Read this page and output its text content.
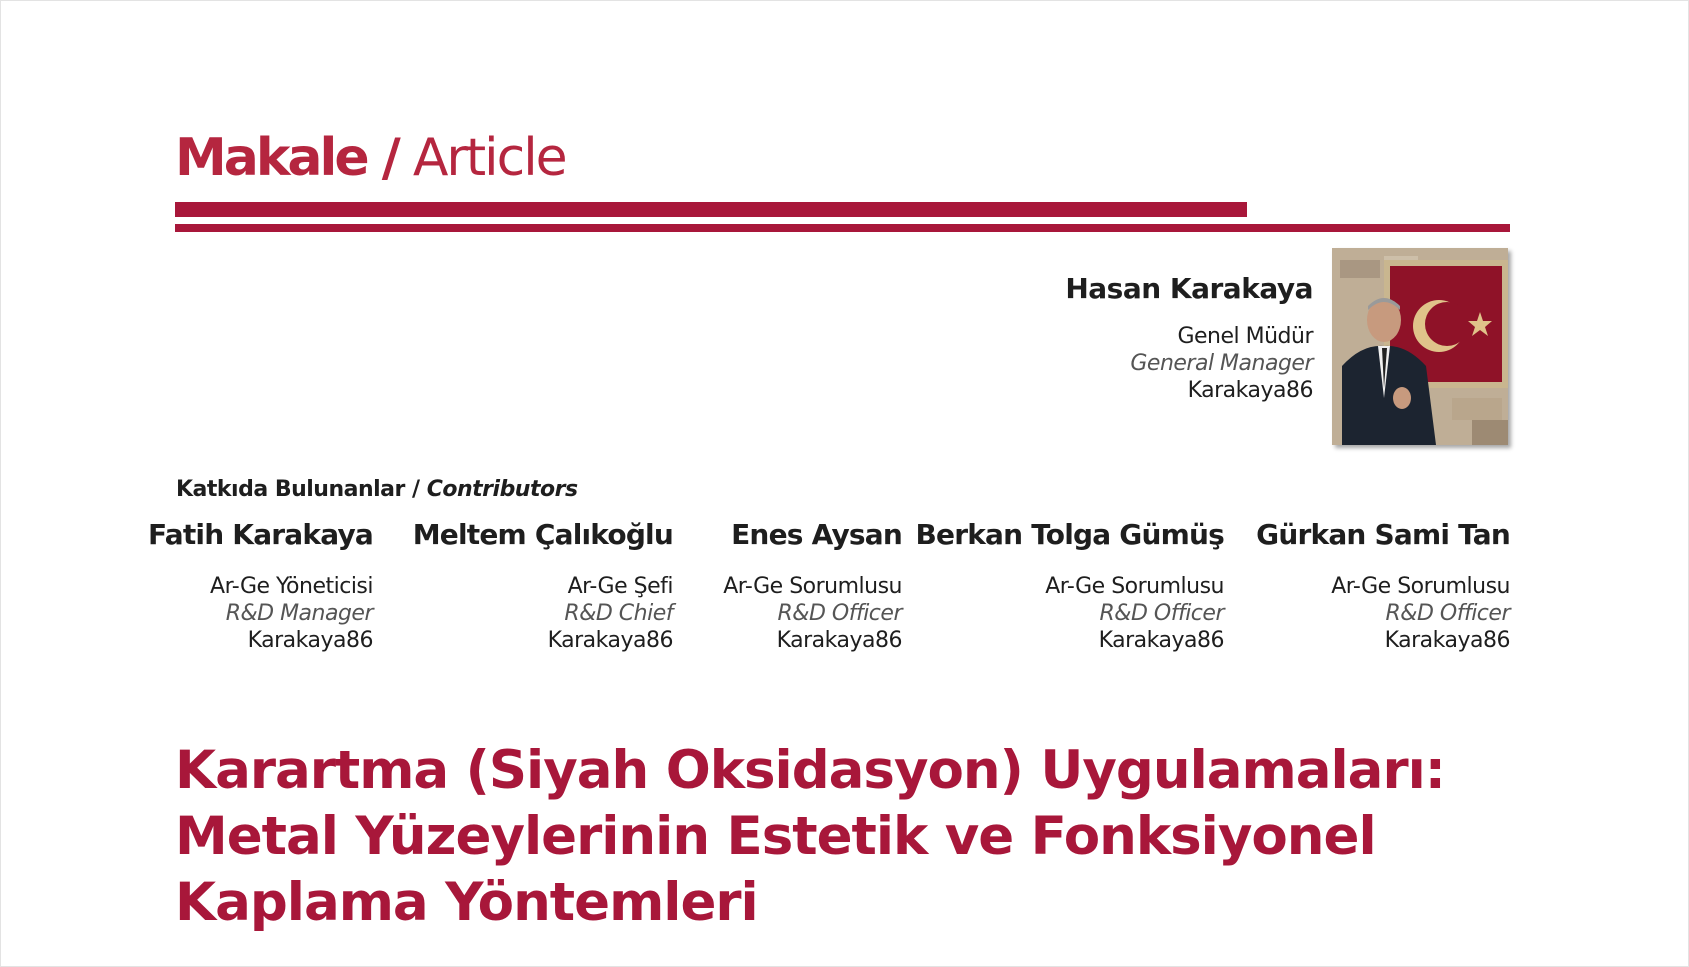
Makale / Article
Hasan Karakaya
Genel Müdür
General Manager
Karakaya86
Katkıda Bulunanlar / Contributors
Fatih Karakaya
Ar-Ge Yöneticisi
R&D Manager
Karakaya86
Meltem Çalıkoğlu
Ar-Ge Şefi
R&D Chief
Karakaya86
Enes Aysan
Ar-Ge Sorumlusu
R&D Officer
Karakaya86
Berkan Tolga Gümüş
Ar-Ge Sorumlusu
R&D Officer
Karakaya86
Gürkan Sami Tan
Ar-Ge Sorumlusu
R&D Officer
Karakaya86
Karartma (Siyah Oksidasyon) Uygulamaları:
Metal Yüzeylerinin Estetik ve Fonksiyonel
Kaplama Yöntemleri
